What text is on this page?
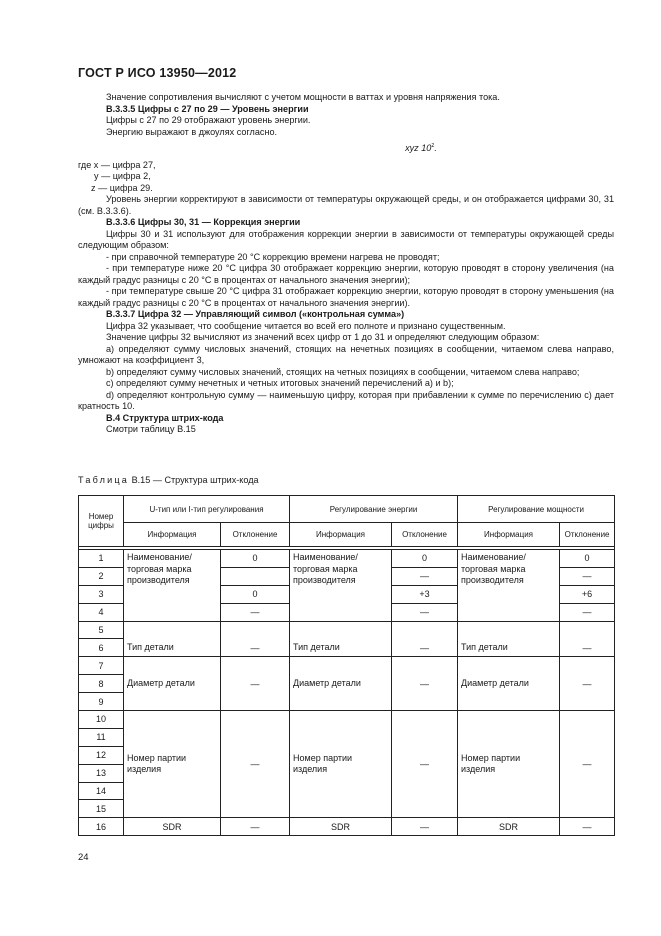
ГОСТ Р ИСО 13950—2012

Значение сопротивления вычисляют с учетом мощности в ваттах и уровня напряжения тока.

В.3.3.5 Цифры с 27 по 29 — Уровень энергии

Цифры с 27 по 29 отображают уровень энергии.

Энергию выражают в джоулях согласно.

xyz 10$^z$.

где x — цифра 27,

y — цифра 2,

z — цифра 29.

Уровень энергии корректируют в зависимости от температуры окружающей среды, и он отображается цифрами 30, 31 (см. В.3.3.6).

В.3.3.6 Цифры 30, 31 — Коррекция энергии

Цифры 30 и 31 используют для отображения коррекции энергии в зависимости от температуры окружающей среды следующим образом:

- при справочной температуре 20 °C коррекцию времени нагрева не проводят;

- при температуре ниже 20 °C цифра 30 отображает коррекцию энергии, которую проводят в сторону увеличения (на каждый градус разницы с 20 °C в процентах от начального значения энергии);

- при температуре свыше 20 °C цифра 31 отображает коррекцию энергии, которую проводят в сторону уменьшения (на каждый градус разницы с 20 °C в процентах от начального значения энергии).

В.3.3.7 Цифра 32 — Управляющий символ («контрольная сумма»)

Цифра 32 указывает, что сообщение читается во всей его полноте и признано существенным.

Значение цифры 32 вычисляют из значений всех цифр от 1 до 31 и определяют следующим образом:

a) определяют сумму числовых значений, стоящих на нечетных позициях в сообщении, читаемом слева направо, умножают на коэффициент 3,

b) определяют сумму числовых значений, стоящих на четных позициях в сообщении, читаемом слева направо;

c) определяют сумму нечетных и четных итоговых значений перечислений a) и b);

d) определяют контрольную сумму — наименьшую цифру, которая при прибавлении к сумме по перечислению c) дает кратность 10.

В.4 Структура штрих-кода

Смотри таблицу В.15

Таблица В.15 — Структура штрих-кода
Номер цифры	U-тип или I-тип регулирования		Регулирование энергии		Регулирование мощности	
	Информация	Отклонение	Информация	Отклонение	Информация	Отклонение

1	Наименование/ торговая марка производителя	0	Наименование/ торговая марка производителя	0	Наименование/ торговая марка производителя	0
2				—		—
3		0		+3		+6
4		—		—		—
5	Тип детали	—	Тип детали	—	Тип детали	—
6						
7	Диаметр детали	—	Диаметр детали	—	Диаметр детали	—
8						
9						
10	Номер партии изделия	—	Номер партии изделия	—	Номер партии изделия	—
11						
12						
13						
14						
15						
16	SDR	—	SDR	—	SDR	—
24
